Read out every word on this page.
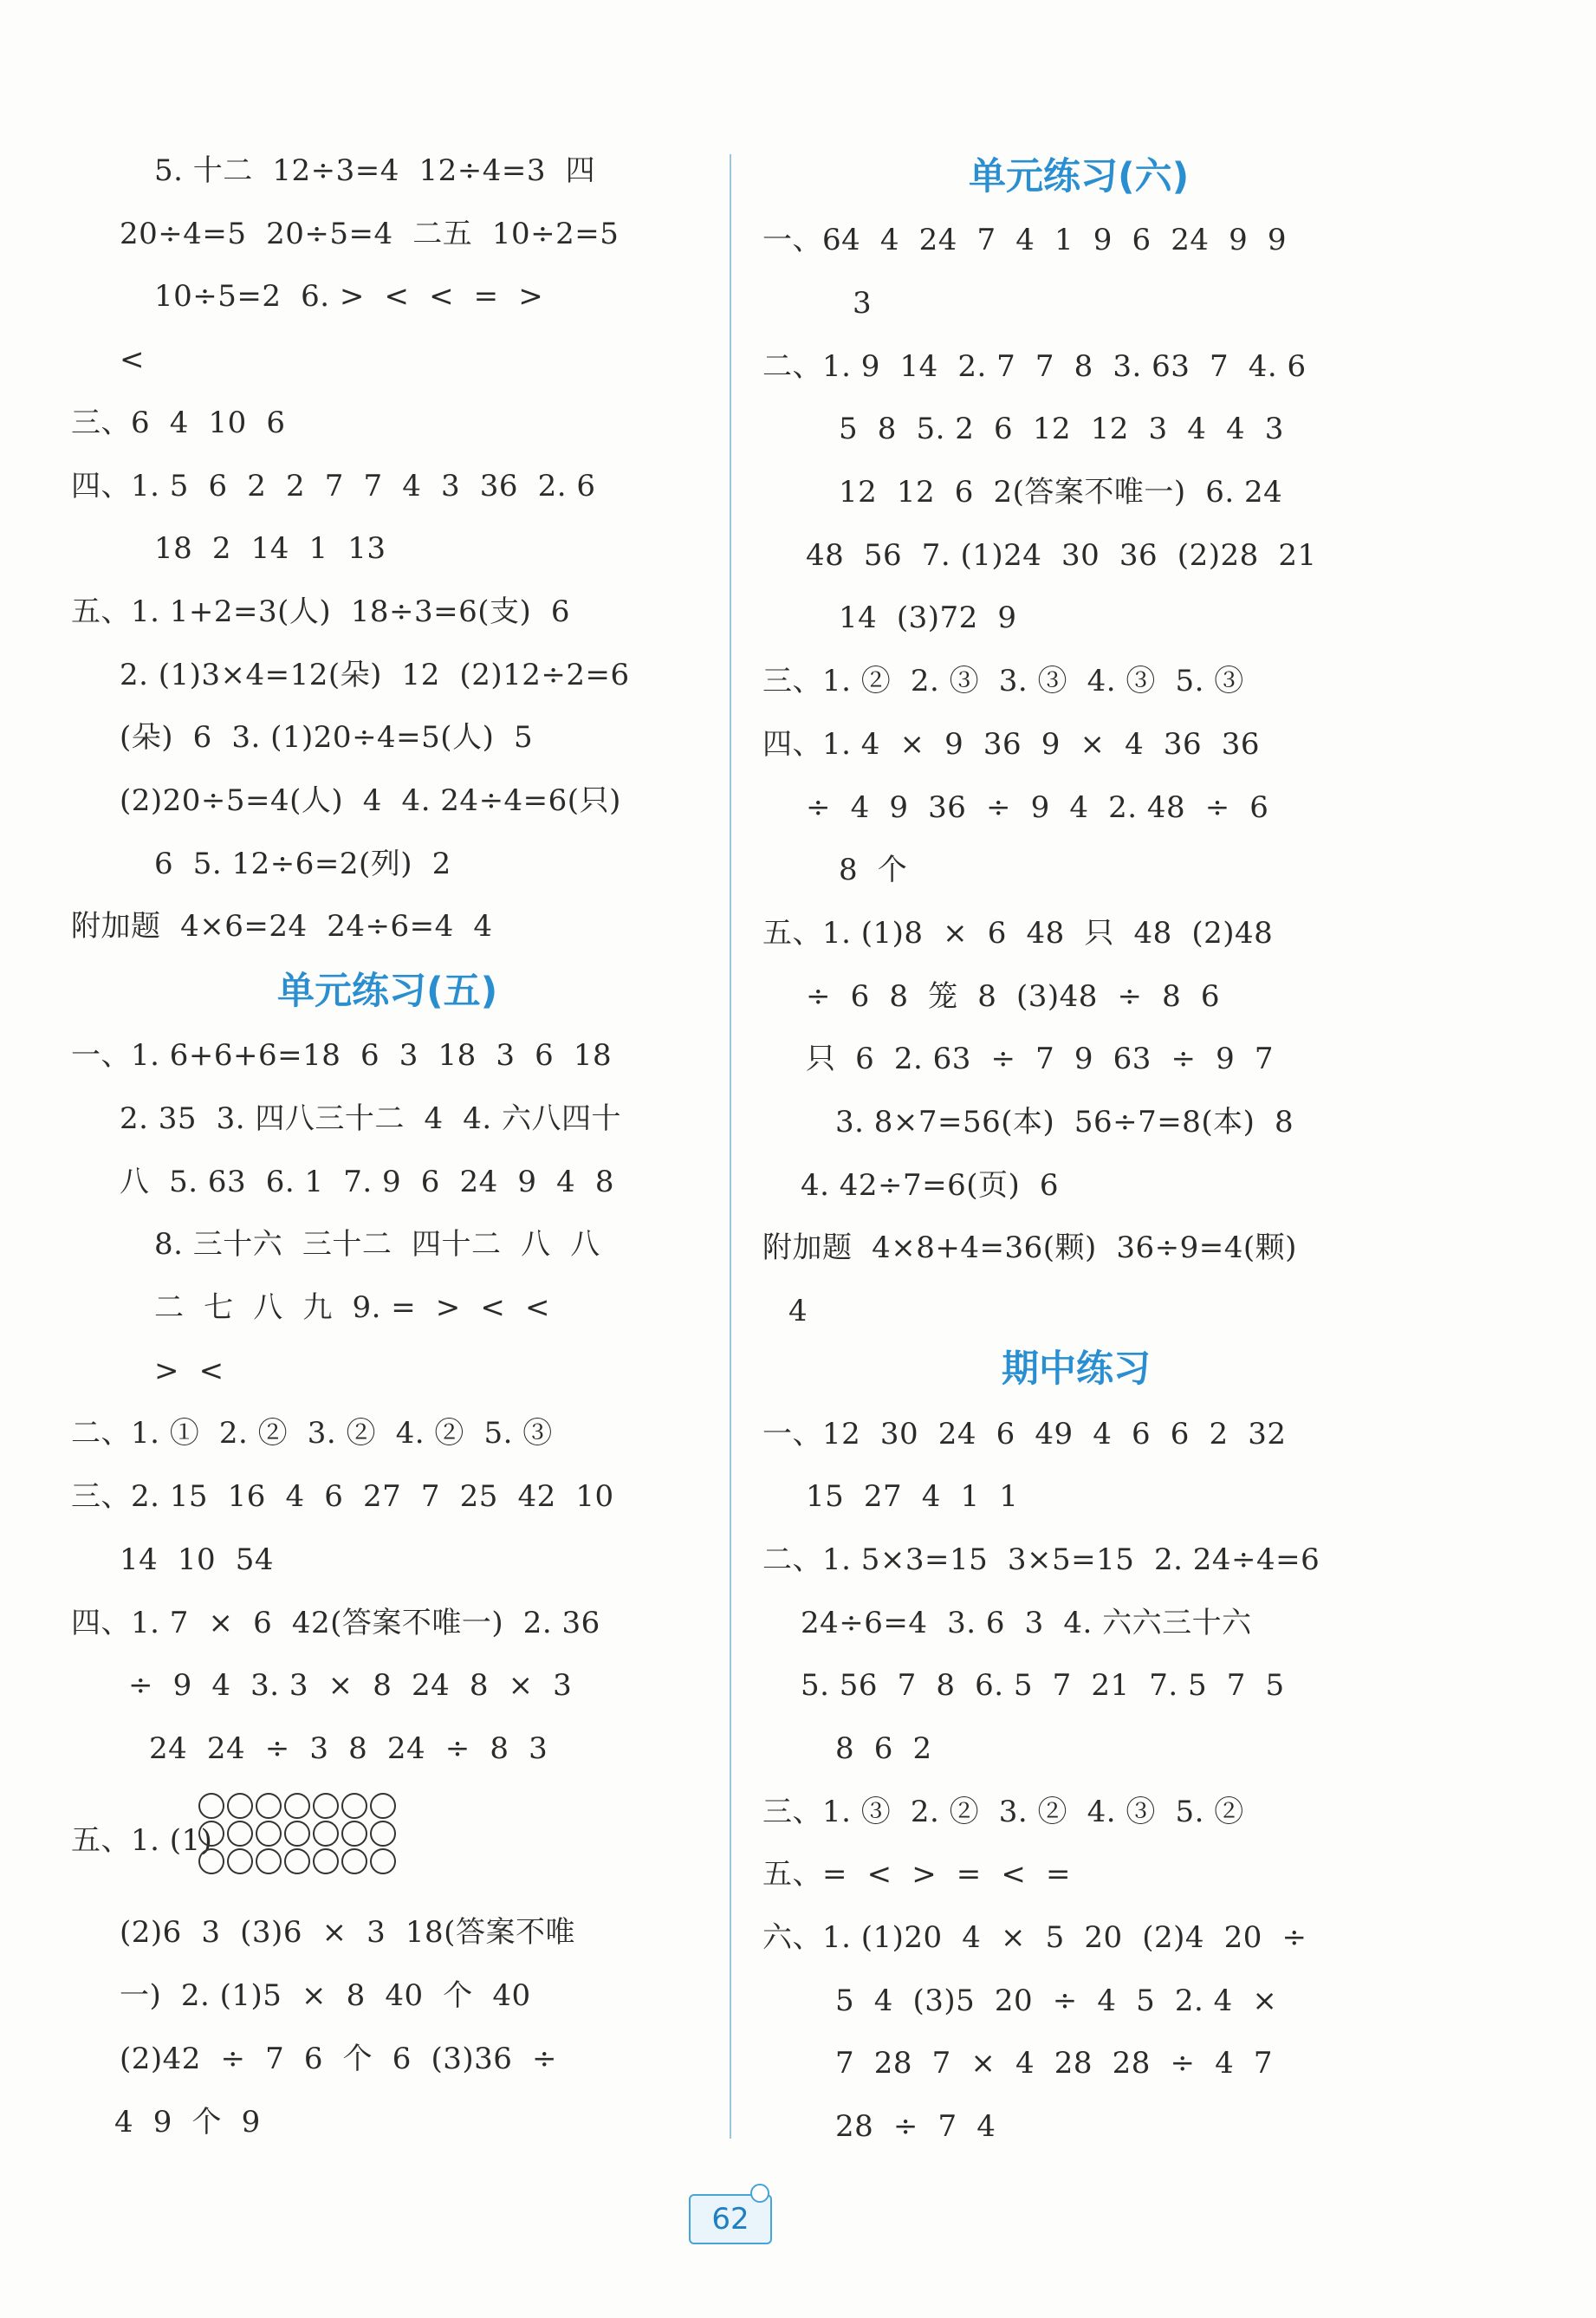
5. 十二  12÷3=4  12÷4=3  四
20÷4=5  20÷5=4  二五  10÷2=5
10÷5=2  6. >  <  <  =  >
<
三、6  4  10  6
四、1. 5  6  2  2  7  7  4  3  36  2. 6
18  2  14  1  13
五、1. 1+2=3(人)  18÷3=6(支)  6
2. (1)3×4=12(朵)  12  (2)12÷2=6
(朵)  6  3. (1)20÷4=5(人)  5
(2)20÷5=4(人)  4  4. 24÷4=6(只)
6  5. 12÷6=2(列)  2
附加题  4×6=24  24÷6=4  4
单元练习(五)
一、1. 6+6+6=18  6  3  18  3  6  18
2. 35  3. 四八三十二  4  4. 六八四十
八  5. 63  6. 1  7. 9  6  24  9  4  8
8. 三十六  三十二  四十二  八  八
二  七  八  九  9. =  >  <  <
>  <
二、1. ①  2. ②  3. ②  4. ②  5. ③
三、2. 15  16  4  6  27  7  25  42  10
14  10  54
四、1. 7  ×  6  42(答案不唯一)  2. 36
÷  9  4  3. 3  ×  8  24  8  ×  3
24  24  ÷  3  8  24  ÷  8  3
五、1. (1)
(2)6  3  (3)6  ×  3  18(答案不唯
一)  2. (1)5  ×  8  40  个  40
(2)42  ÷  7  6  个  6  (3)36  ÷
4  9  个  9
单元练习(六)
一、64  4  24  7  4  1  9  6  24  9  9
3
二、1. 9  14  2. 7  7  8  3. 63  7  4. 6
5  8  5. 2  6  12  12  3  4  4  3
12  12  6  2(答案不唯一)  6. 24
48  56  7. (1)24  30  36  (2)28  21
14  (3)72  9
三、1. ②  2. ③  3. ③  4. ③  5. ③
四、1. 4  ×  9  36  9  ×  4  36  36
÷  4  9  36  ÷  9  4  2. 48  ÷  6
8  个
五、1. (1)8  ×  6  48  只  48  (2)48
÷  6  8  笼  8  (3)48  ÷  8  6
只  6  2. 63  ÷  7  9  63  ÷  9  7
3. 8×7=56(本)  56÷7=8(本)  8
4. 42÷7=6(页)  6
附加题  4×8+4=36(颗)  36÷9=4(颗)
4
期中练习
一、12  30  24  6  49  4  6  6  2  32
15  27  4  1  1
二、1. 5×3=15  3×5=15  2. 24÷4=6
24÷6=4  3. 6  3  4. 六六三十六
5. 56  7  8  6. 5  7  21  7. 5  7  5
8  6  2
三、1. ③  2. ②  3. ②  4. ③  5. ②
五、=  <  >  =  <  =
六、1. (1)20  4  ×  5  20  (2)4  20  ÷
5  4  (3)5  20  ÷  4  5  2. 4  ×
7  28  7  ×  4  28  28  ÷  4  7
28  ÷  7  4
62
